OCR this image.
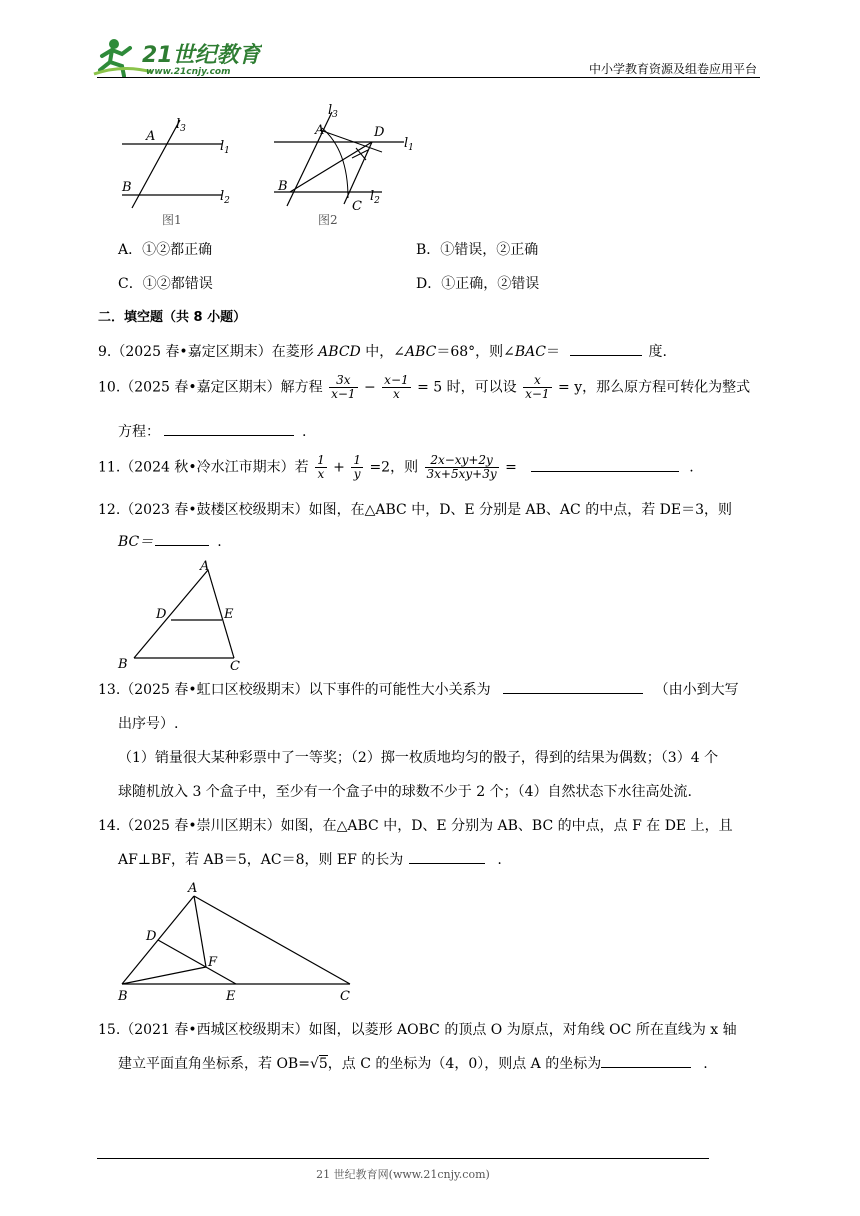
21世纪教育
www.21cnjy.com	中小学教育资源及组卷应用平台
A
B
$l_3$
$l_1$
$l_2$
图1
A	D
B
C
$l_3$
$l_1$
$l_2$
图2
A．①②都正确	B．①错误，②正确
C．①②都错误	D．①正确，②错误
二．填空题（共 8 小题）
9.（2025 春•嘉定区期末）在菱形 ABCD 中，∠ABC＝68°，则∠BAC＝	度.
10.（2025 春•嘉定区期末）解方程 $\frac{3x}{x-1} - \frac{x-1}{x} = 5$ 时，可以设 $\frac{x}{x-1} = y$，那么原方程可转化为整式
方程：	.
11.（2024 秋•冷水江市期末）若 $\frac{1}{x} + \frac{1}{y} =2$，则 $\frac{2x-xy+2y}{3x+5xy+3y}$ =	.
12.（2023 春•鼓楼区校级期末）如图，在△ABC 中，D、E 分别是 AB、AC 的中点，若 DE＝3，则
BC＝	.
A
D	E
B	C
13.（2025 春•虹口区校级期末）以下事件的可能性大小关系为	（由小到大写
出序号）.
（1）销量很大某种彩票中了一等奖；（2）掷一枚质地均匀的骰子，得到的结果为偶数；（3）4 个
球随机放入 3 个盒子中，至少有一个盒子中的球数不少于 2 个；（4）自然状态下水往高处流.
14.（2025 春•崇川区期末）如图，在△ABC 中，D、E 分别为 AB、BC 的中点，点 F 在 DE 上，且
AF⊥BF，若 AB＝5，AC＝8，则 EF 的长为	.
A
D
F
B	E	C
15.（2021 春•西城区校级期末）如图，以菱形 AOBC 的顶点 O 为原点，对角线 OC 所在直线为 x 轴
建立平面直角坐标系，若 OB=√5，点 C 的坐标为（4，0），则点 A 的坐标为	.
21 世纪教育网(www.21cnjy.com)
